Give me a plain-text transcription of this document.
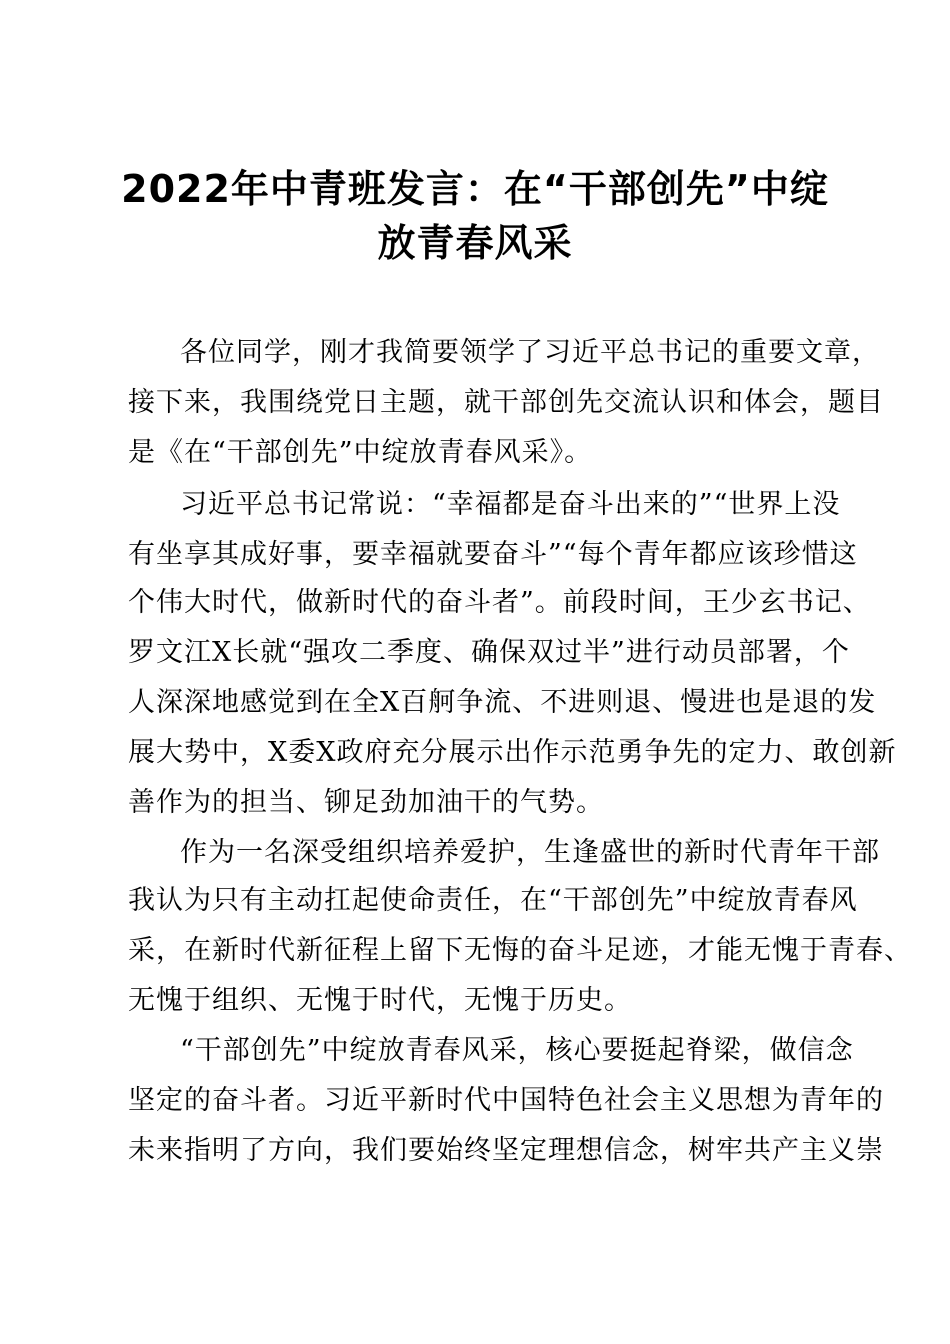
2022年中青班发言：在“干部创先”中绽
放青春风采
各位同学，刚才我简要领学了习近平总书记的重要文章，
接下来，我围绕党日主题，就干部创先交流认识和体会，题目
是《在“干部创先”中绽放青春风采》。
习近平总书记常说：“幸福都是奋斗出来的”“世界上没
有坐享其成好事，要幸福就要奋斗”“每个青年都应该珍惜这
个伟大时代，做新时代的奋斗者”。前段时间，王少玄书记、
罗文江X长就“强攻二季度、确保双过半”进行动员部署，个
人深深地感觉到在全X百舸争流、不进则退、慢进也是退的发
展大势中，X委X政府充分展示出作示范勇争先的定力、敢创新
善作为的担当、铆足劲加油干的气势。
作为一名深受组织培养爱护，生逢盛世的新时代青年干部
我认为只有主动扛起使命责任，在“干部创先”中绽放青春风
采，在新时代新征程上留下无悔的奋斗足迹，才能无愧于青春、
无愧于组织、无愧于时代，无愧于历史。
“干部创先”中绽放青春风采，核心要挺起脊梁，做信念
坚定的奋斗者。习近平新时代中国特色社会主义思想为青年的
未来指明了方向，我们要始终坚定理想信念，树牢共产主义崇
